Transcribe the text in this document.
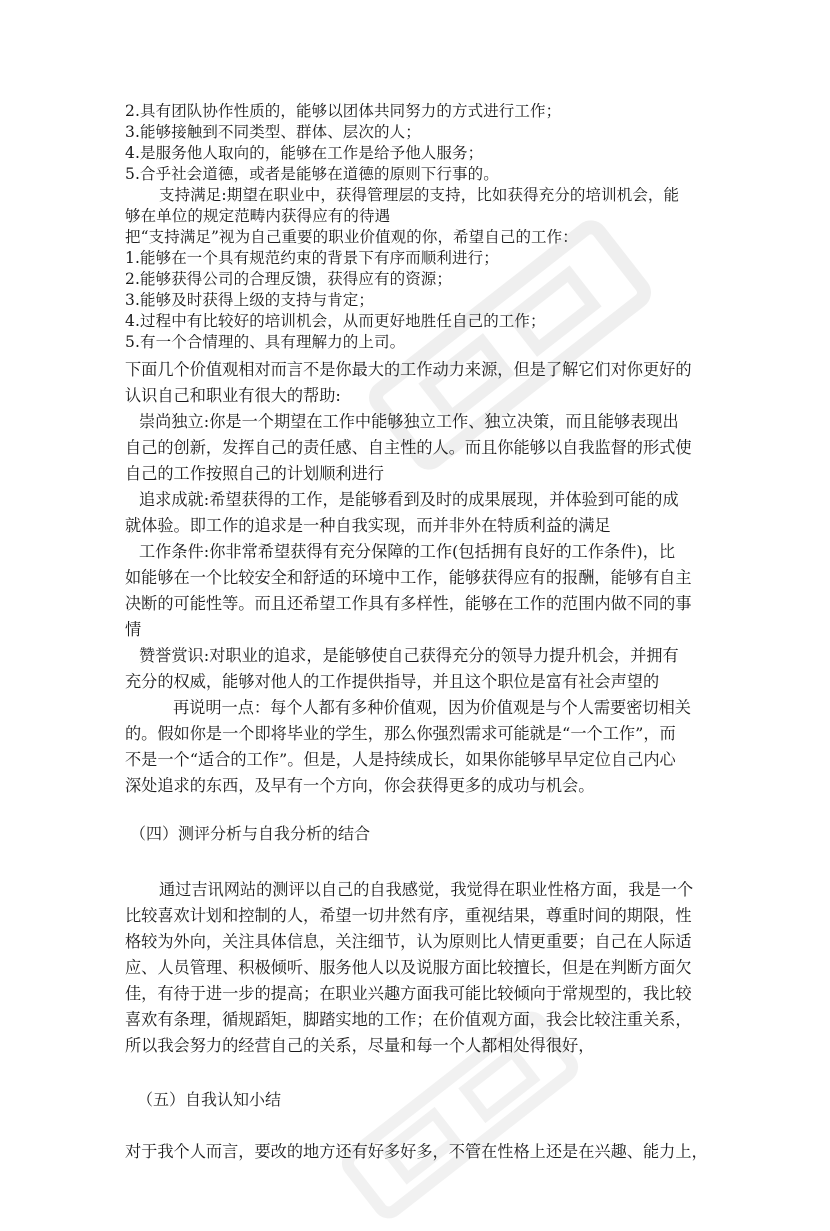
2.具有团队协作性质的，能够以团体共同努力的方式进行工作；
3.能够接触到不同类型、群体、层次的人；
4.是服务他人取向的，能够在工作是给予他人服务；
5.合乎社会道德，或者是能够在道德的原则下行事的。
支持满足:期望在职业中，获得管理层的支持，比如获得充分的培训机会，能
够在单位的规定范畴内获得应有的待遇
把“支持满足”视为自己重要的职业价值观的你，希望自己的工作：
1.能够在一个具有规范约束的背景下有序而顺利进行；
2.能够获得公司的合理反馈，获得应有的资源；
3.能够及时获得上级的支持与肯定；
4.过程中有比较好的培训机会，从而更好地胜任自己的工作；
5.有一个合情理的、具有理解力的上司。
下面几个价值观相对而言不是你最大的工作动力来源，但是了解它们对你更好的
认识自己和职业有很大的帮助:
崇尚独立:你是一个期望在工作中能够独立工作、独立决策，而且能够表现出
自己的创新，发挥自己的责任感、自主性的人。而且你能够以自我监督的形式使
自己的工作按照自己的计划顺利进行
追求成就:希望获得的工作，是能够看到及时的成果展现，并体验到可能的成
就体验。即工作的追求是一种自我实现，而并非外在特质利益的满足
工作条件:你非常希望获得有充分保障的工作(包括拥有良好的工作条件)，比
如能够在一个比较安全和舒适的环境中工作，能够获得应有的报酬，能够有自主
决断的可能性等。而且还希望工作具有多样性，能够在工作的范围内做不同的事
情
赞誉赏识:对职业的追求，是能够使自己获得充分的领导力提升机会，并拥有
充分的权威，能够对他人的工作提供指导，并且这个职位是富有社会声望的
再说明一点：每个人都有多种价值观，因为价值观是与个人需要密切相关
的。假如你是一个即将毕业的学生，那么你强烈需求可能就是“一个工作”，而
不是一个“适合的工作”。但是，人是持续成长，如果你能够早早定位自己内心
深处追求的东西，及早有一个方向，你会获得更多的成功与机会。
（四）测评分析与自我分析的结合
通过吉讯网站的测评以自己的自我感觉，我觉得在职业性格方面，我是一个
比较喜欢计划和控制的人，希望一切井然有序，重视结果，尊重时间的期限，性
格较为外向，关注具体信息，关注细节，认为原则比人情更重要；自己在人际适
应、人员管理、积极倾听、服务他人以及说服方面比较擅长，但是在判断方面欠
佳，有待于进一步的提高；在职业兴趣方面我可能比较倾向于常规型的，我比较
喜欢有条理，循规蹈矩，脚踏实地的工作；在价值观方面，我会比较注重关系，
所以我会努力的经营自己的关系，尽量和每一个人都相处得很好，
（五）自我认知小结
对于我个人而言，要改的地方还有好多好多，不管在性格上还是在兴趣、能力上，
